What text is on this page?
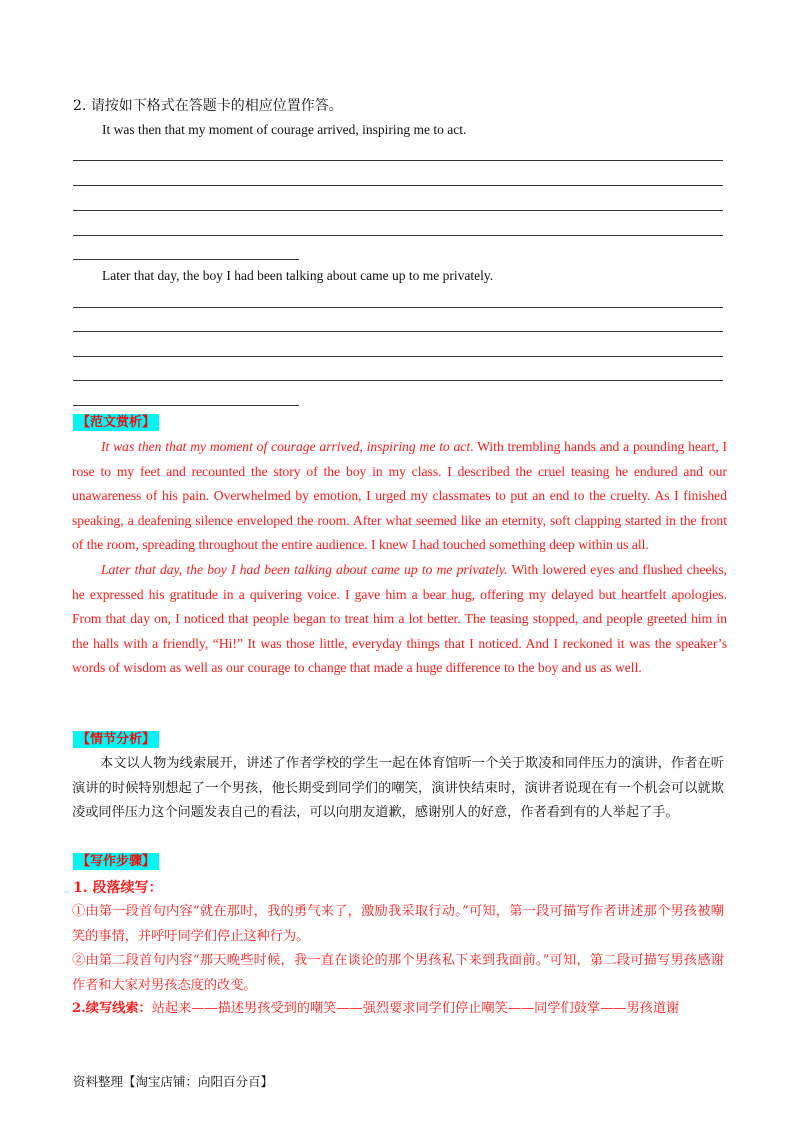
2. 请按如下格式在答题卡的相应位置作答。
It was then that my moment of courage arrived, inspiring me to act.
Later that day, the boy I had been talking about came up to me privately.
【范文赏析】

It was then that my moment of courage arrived, inspiring me to act. With trembling hands and a pounding heart, I rose to my feet and recounted the story of the boy in my class. I described the cruel teasing he endured and our unawareness of his pain. Overwhelmed by emotion, I urged my classmates to put an end to the cruelty. As I finished speaking, a deafening silence enveloped the room. After what seemed like an eternity, soft clapping started in the front of the room, spreading throughout the entire audience. I knew I had touched something deep within us all.

Later that day, the boy I had been talking about came up to me privately. With lowered eyes and flushed cheeks, he expressed his gratitude in a quivering voice. I gave him a bear hug, offering my delayed but heartfelt apologies. From that day on, I noticed that people began to treat him a lot better. The teasing stopped, and people greeted him in the halls with a friendly, “Hi!” It was those little, everyday things that I noticed. And I reckoned it was the speaker’s words of wisdom as well as our courage to change that made a huge difference to the boy and us as well.

【情节分析】

本文以人物为线索展开，讲述了作者学校的学生一起在体育馆听一个关于欺凌和同伴压力的演讲，作者在听演讲的时候特别想起了一个男孩，他长期受到同学们的嘲笑，演讲快结束时，演讲者说现在有一个机会可以就欺凌或同伴压力这个问题发表自己的看法，可以向朋友道歉，感谢别人的好意，作者看到有的人举起了手。

【写作步骤】
1. 段落续写：

①由第一段首句内容“就在那时，我的勇气来了，激励我采取行动。”可知，第一段可描写作者讲述那个男孩被嘲笑的事情，并呼吁同学们停止这种行为。

②由第二段首句内容“那天晚些时候，我一直在谈论的那个男孩私下来到我面前。”可知，第二段可描写男孩感谢作者和大家对男孩态度的改变。

2.续写线索：站起来——描述男孩受到的嘲笑——强烈要求同学们停止嘲笑——同学们鼓掌——男孩道谢

资料整理【淘宝店铺：向阳百分百】
